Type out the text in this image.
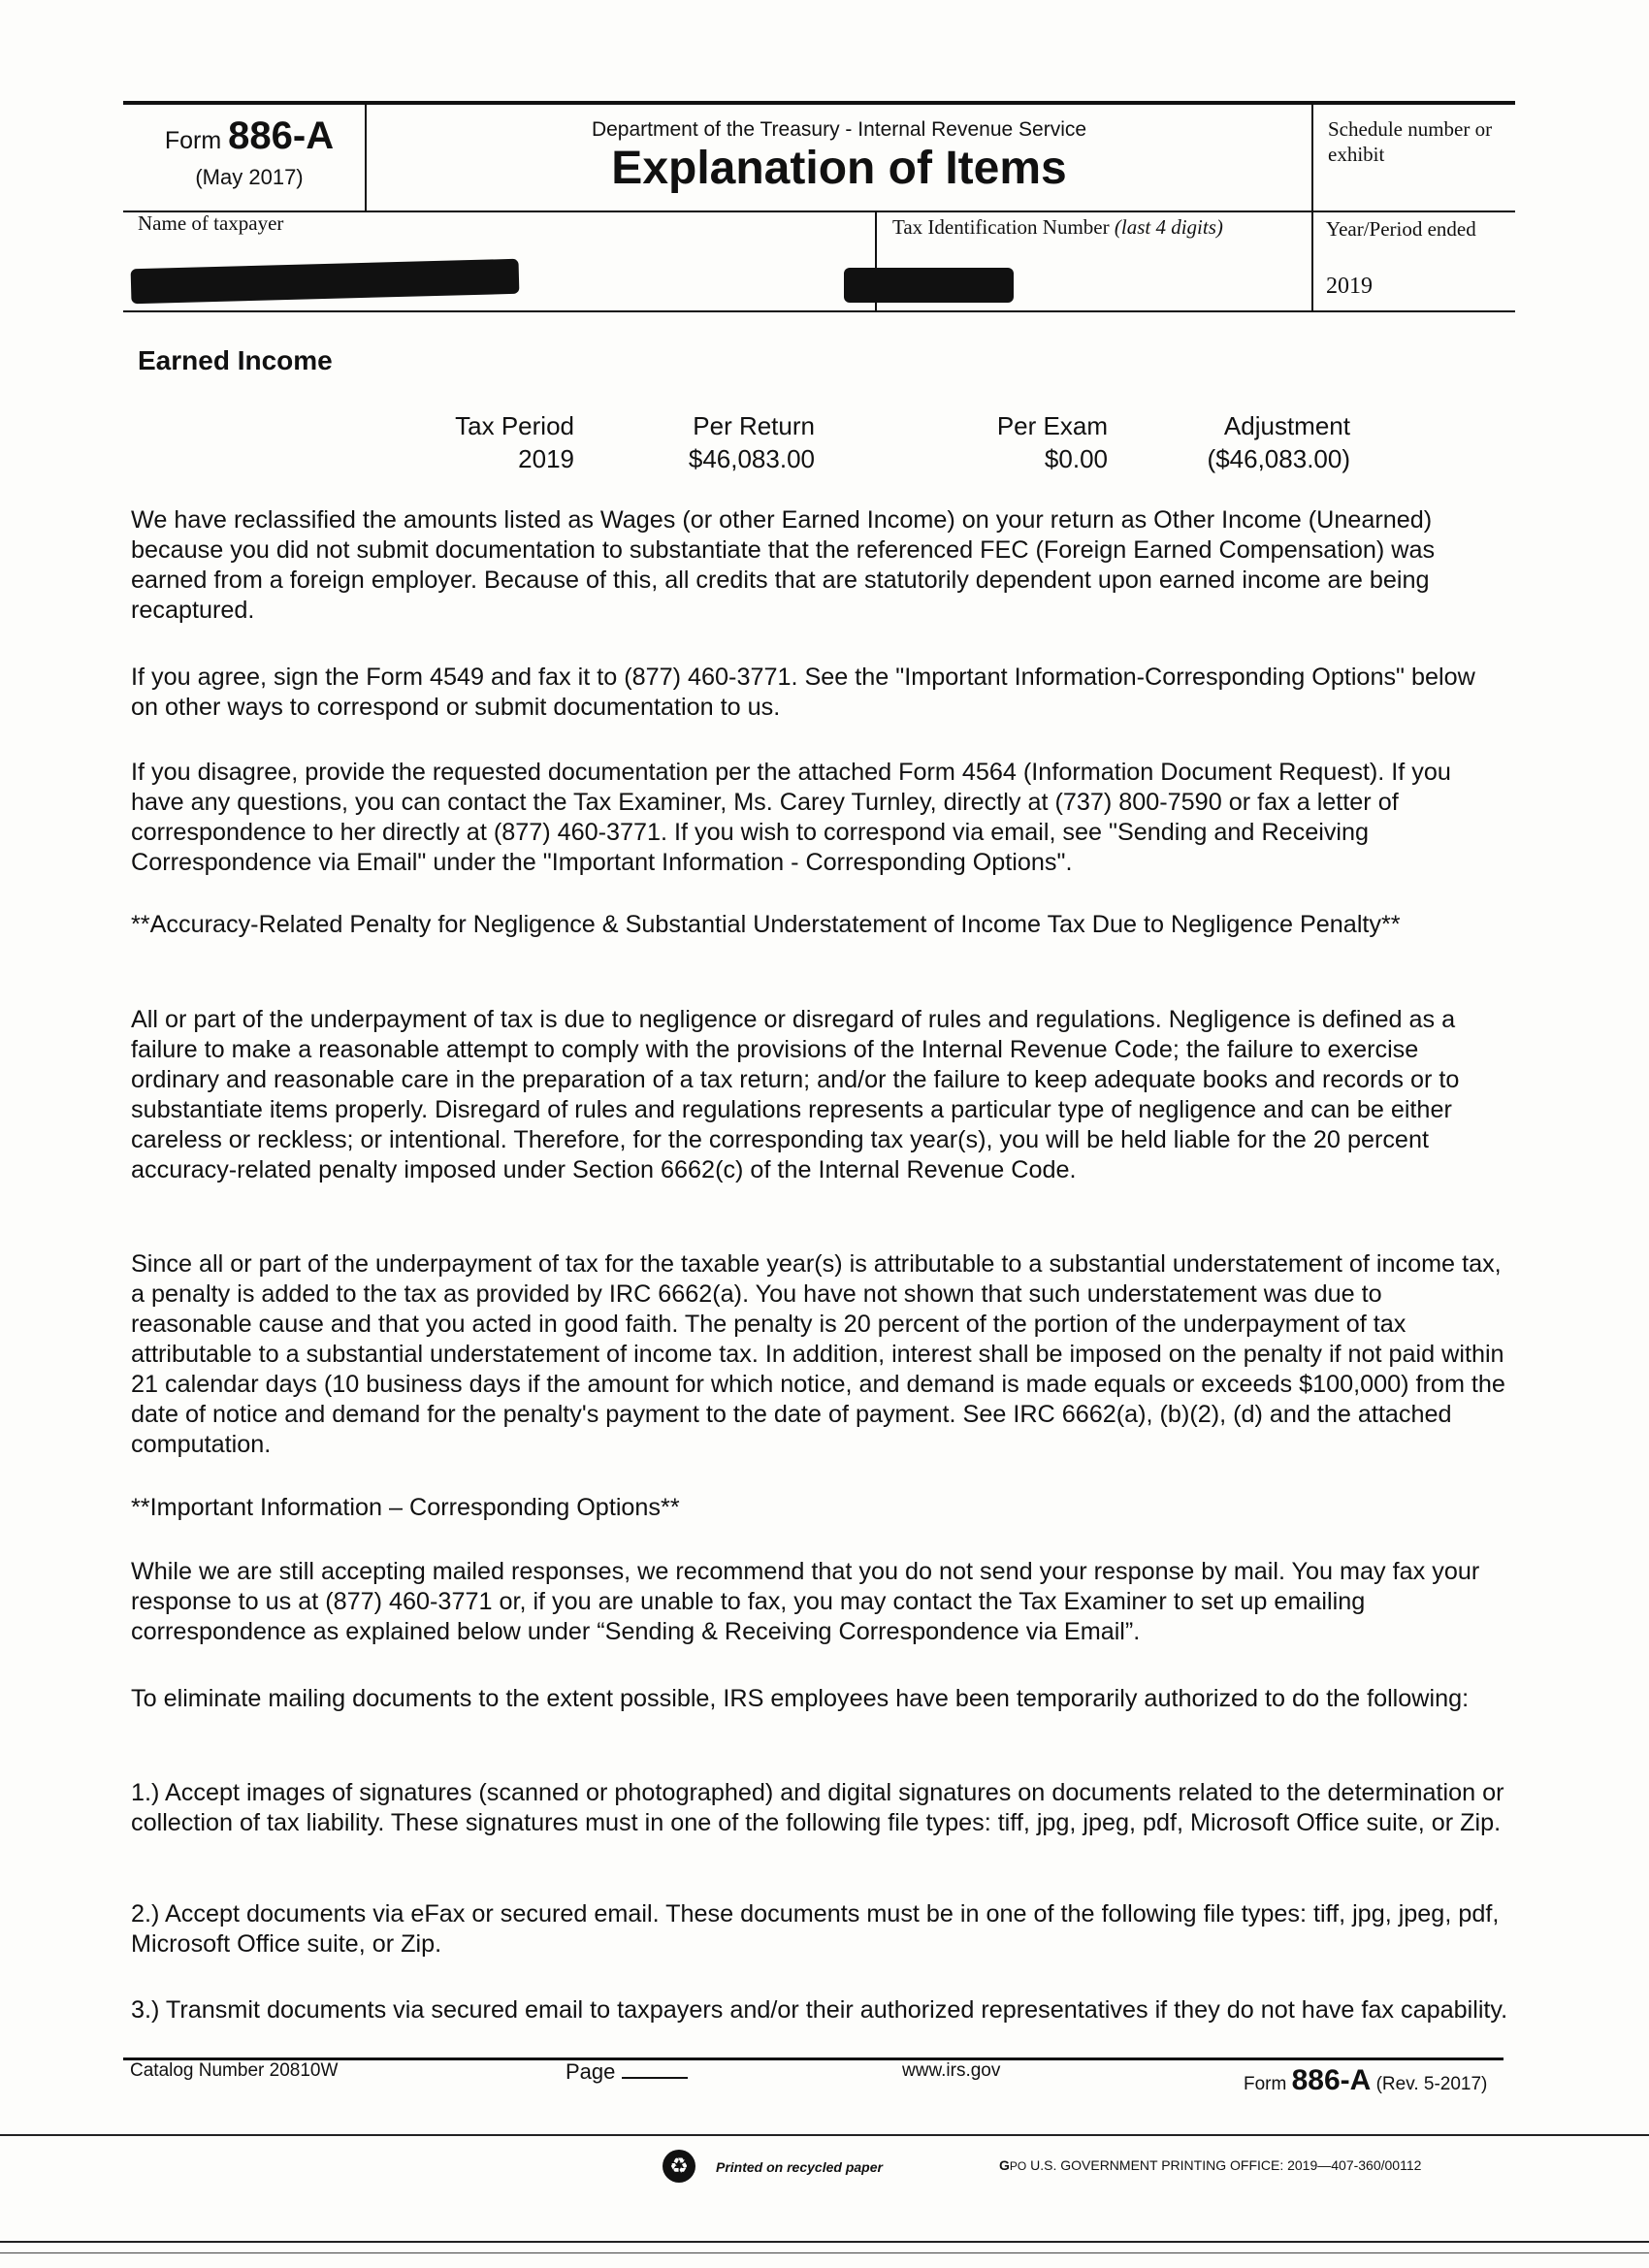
Form 886-A
(May 2017)
Department of the Treasury - Internal Revenue Service
Explanation of Items
Schedule number or exhibit
Name of taxpayer	Tax Identification Number (last 4 digits)	Year/Period ended
2019
Earned Income
Tax Period	Per Return	Per Exam	Adjustment
2019	$46,083.00	$0.00	($46,083.00)
We have reclassified the amounts listed as Wages (or other Earned Income) on your return as Other Income (Unearned) because you did not submit documentation to substantiate that the referenced FEC (Foreign Earned Compensation) was earned from a foreign employer. Because of this, all credits that are statutorily dependent upon earned income are being recaptured.
If you agree, sign the Form 4549 and fax it to (877) 460-3771. See the "Important Information-Corresponding Options" below on other ways to correspond or submit documentation to us.
If you disagree, provide the requested documentation per the attached Form 4564 (Information Document Request). If you have any questions, you can contact the Tax Examiner, Ms. Carey Turnley, directly at (737) 800-7590 or fax a letter of correspondence to her directly at (877) 460-3771. If you wish to correspond via email, see "Sending and Receiving Correspondence via Email" under the "Important Information - Corresponding Options".
**Accuracy-Related Penalty for Negligence & Substantial Understatement of Income Tax Due to Negligence Penalty**
All or part of the underpayment of tax is due to negligence or disregard of rules and regulations. Negligence is defined as a failure to make a reasonable attempt to comply with the provisions of the Internal Revenue Code; the failure to exercise ordinary and reasonable care in the preparation of a tax return; and/or the failure to keep adequate books and records or to substantiate items properly. Disregard of rules and regulations represents a particular type of negligence and can be either careless or reckless; or intentional. Therefore, for the corresponding tax year(s), you will be held liable for the 20 percent accuracy-related penalty imposed under Section 6662(c) of the Internal Revenue Code.
Since all or part of the underpayment of tax for the taxable year(s) is attributable to a substantial understatement of income tax, a penalty is added to the tax as provided by IRC 6662(a). You have not shown that such understatement was due to reasonable cause and that you acted in good faith. The penalty is 20 percent of the portion of the underpayment of tax attributable to a substantial understatement of income tax. In addition, interest shall be imposed on the penalty if not paid within 21 calendar days (10 business days if the amount for which notice, and demand is made equals or exceeds $100,000) from the date of notice and demand for the penalty's payment to the date of payment. See IRC 6662(a), (b)(2), (d) and the attached computation.
**Important Information – Corresponding Options**
While we are still accepting mailed responses, we recommend that you do not send your response by mail. You may fax your response to us at (877) 460-3771 or, if you are unable to fax, you may contact the Tax Examiner to set up emailing correspondence as explained below under “Sending & Receiving Correspondence via Email”.
To eliminate mailing documents to the extent possible, IRS employees have been temporarily authorized to do the following:
1.) Accept images of signatures (scanned or photographed) and digital signatures on documents related to the determination or collection of tax liability. These signatures must in one of the following file types: tiff, jpg, jpeg, pdf, Microsoft Office suite, or Zip.
2.) Accept documents via eFax or secured email. These documents must be in one of the following file types: tiff, jpg, jpeg, pdf, Microsoft Office suite, or Zip.
3.) Transmit documents via secured email to taxpayers and/or their authorized representatives if they do not have fax capability.
Catalog Number 20810W	Page	www.irs.gov
Form 886-A (Rev. 5-2017)
♻	Printed on recycled paper	GPO U.S. GOVERNMENT PRINTING OFFICE: 2019—407-360/00112
